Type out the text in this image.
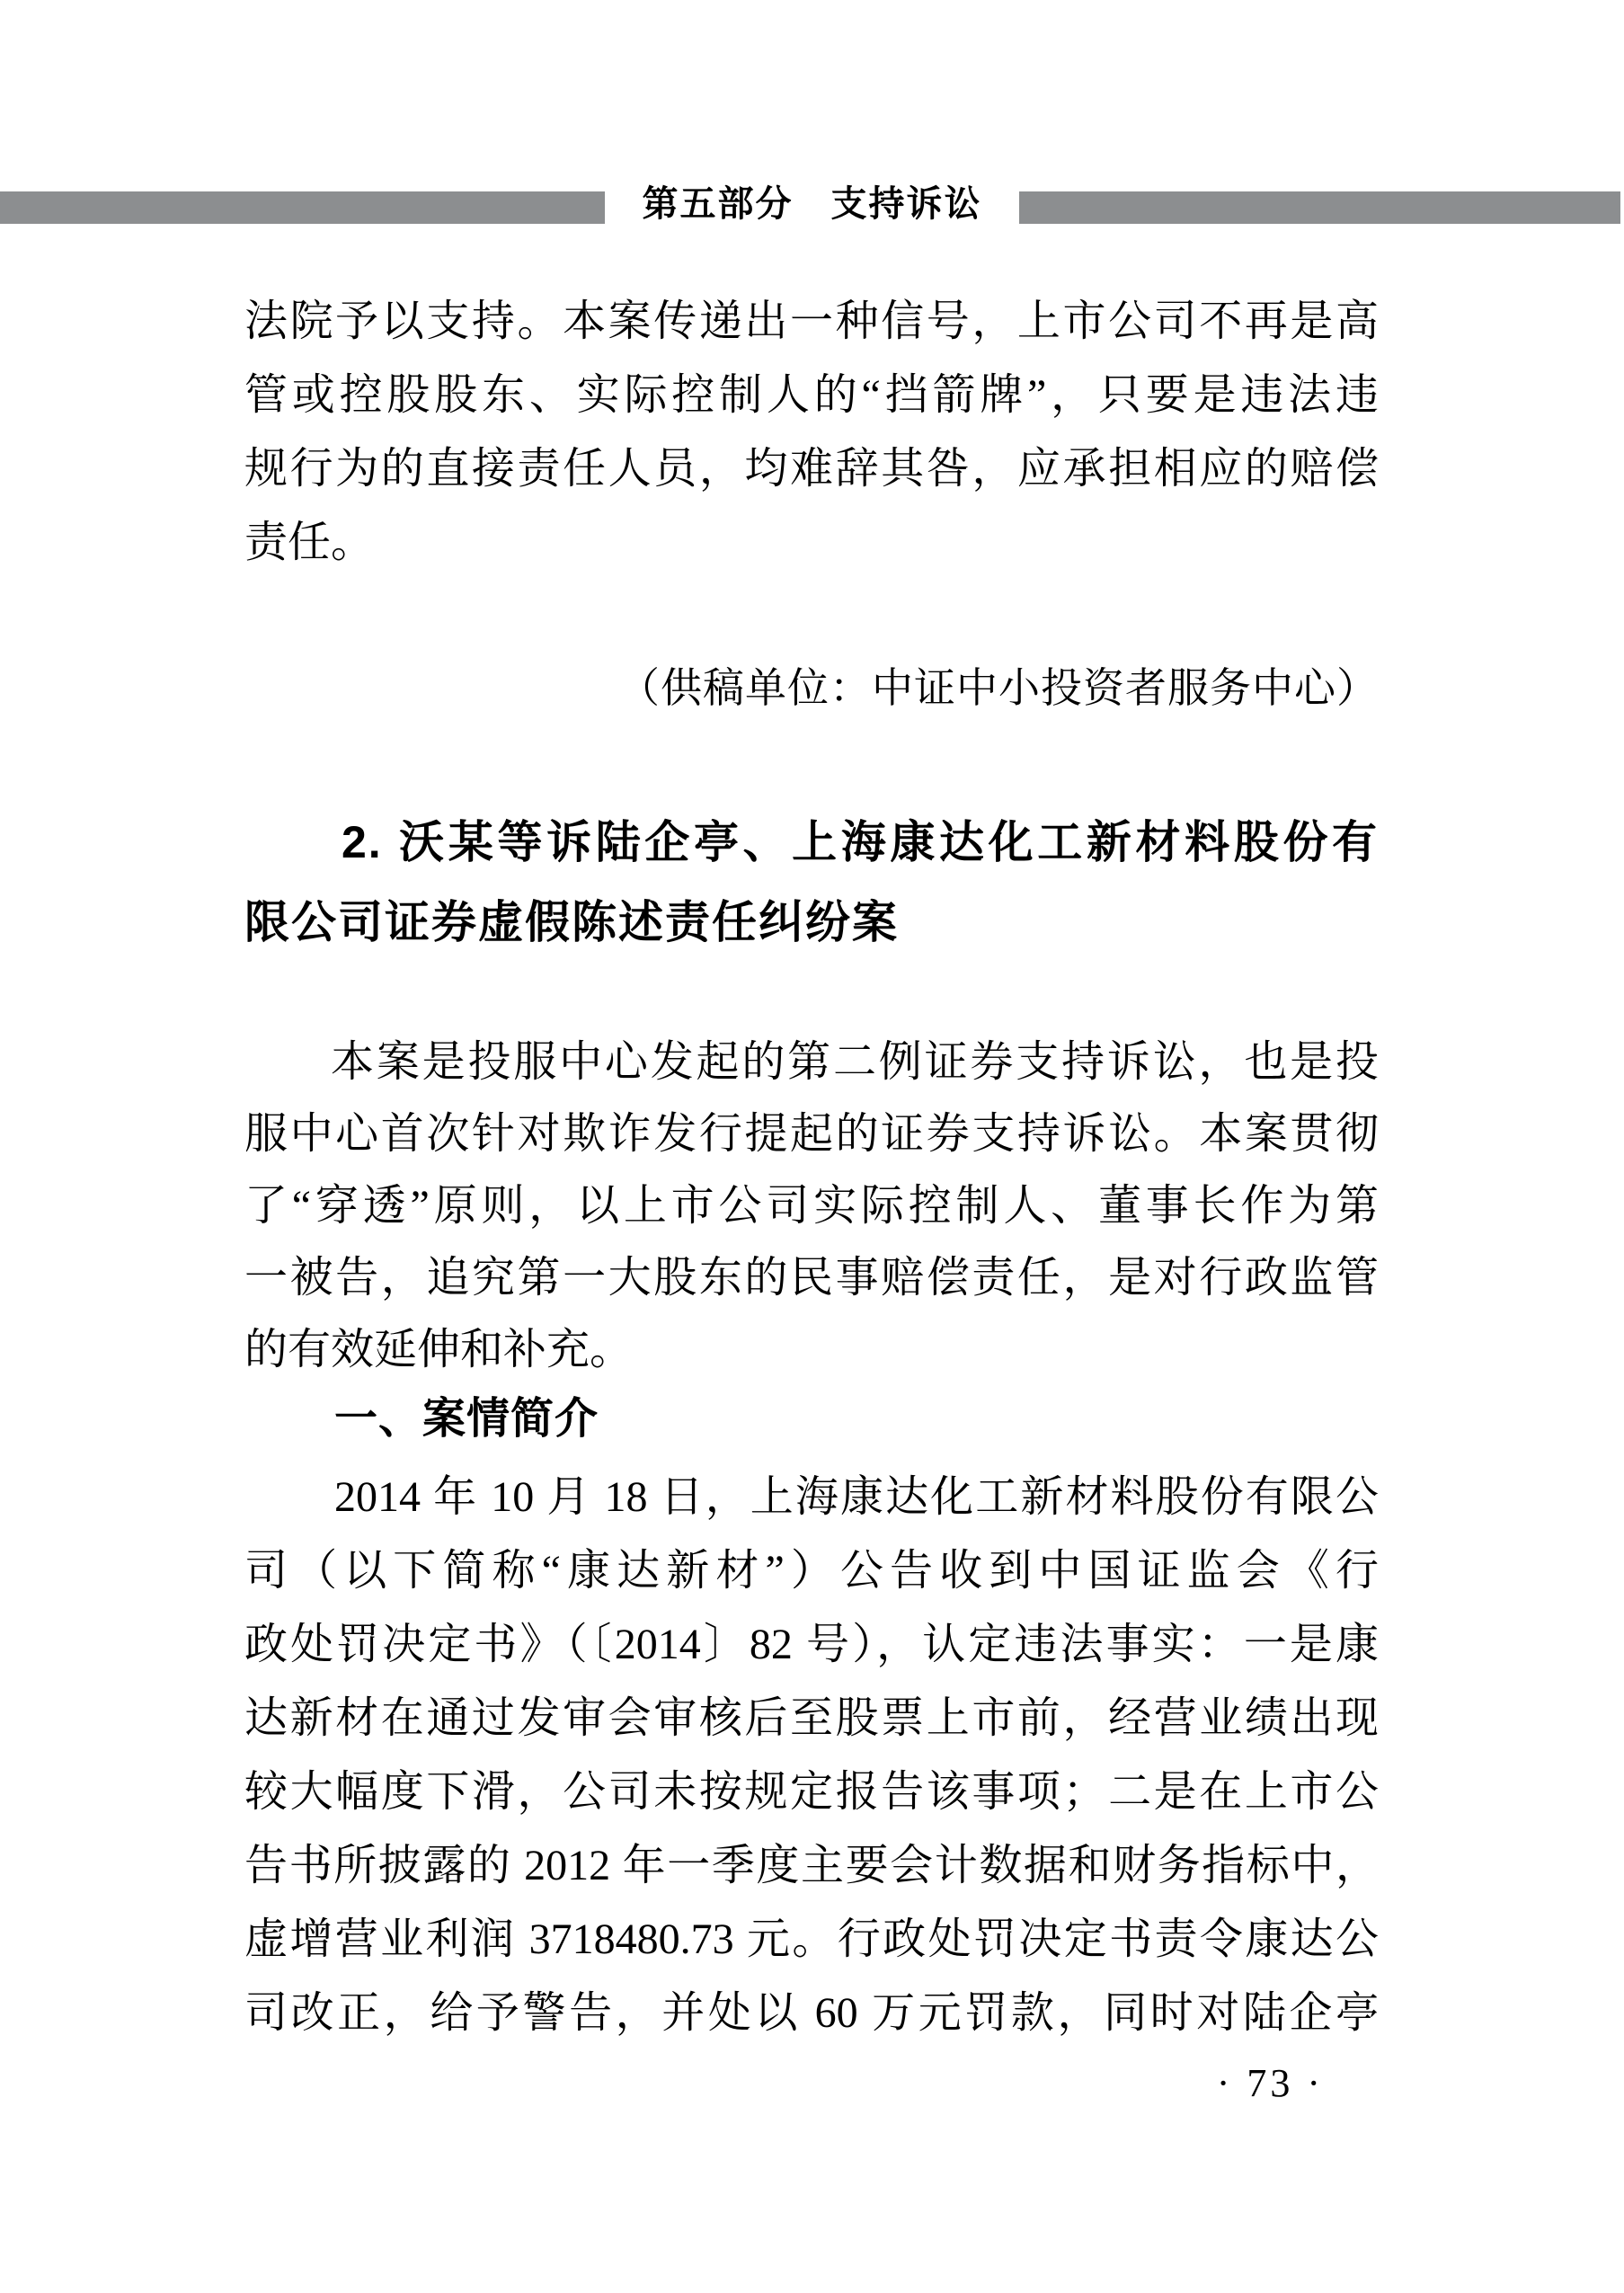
第五部分　支持诉讼
法院予以支持。本案传递出一种信号，上市公司不再是高
管或控股股东、实际控制人的“挡箭牌”，只要是违法违
规行为的直接责任人员，均难辞其咎，应承担相应的赔偿
责任。
（供稿单位：中证中小投资者服务中心）
2. 沃某等诉陆企亭、上海康达化工新材料股份有
限公司证券虚假陈述责任纠纷案
本案是投服中心发起的第二例证券支持诉讼，也是投
服中心首次针对欺诈发行提起的证券支持诉讼。本案贯彻
了“穿透”原则，以上市公司实际控制人、董事长作为第
一被告，追究第一大股东的民事赔偿责任，是对行政监管
的有效延伸和补充。
一、案情简介
2014 年 10 月 18 日，上海康达化工新材料股份有限公
司（以下简称“康达新材”）公告收到中国证监会《行
政处罚决定书》（〔2014〕82 号），认定违法事实：一是康
达新材在通过发审会审核后至股票上市前，经营业绩出现
较大幅度下滑，公司未按规定报告该事项；二是在上市公
告书所披露的 2012 年一季度主要会计数据和财务指标中，
虚增营业利润 3718480.73 元。行政处罚决定书责令康达公
司改正，给予警告，并处以 60 万元罚款，同时对陆企亭
· 73 ·
